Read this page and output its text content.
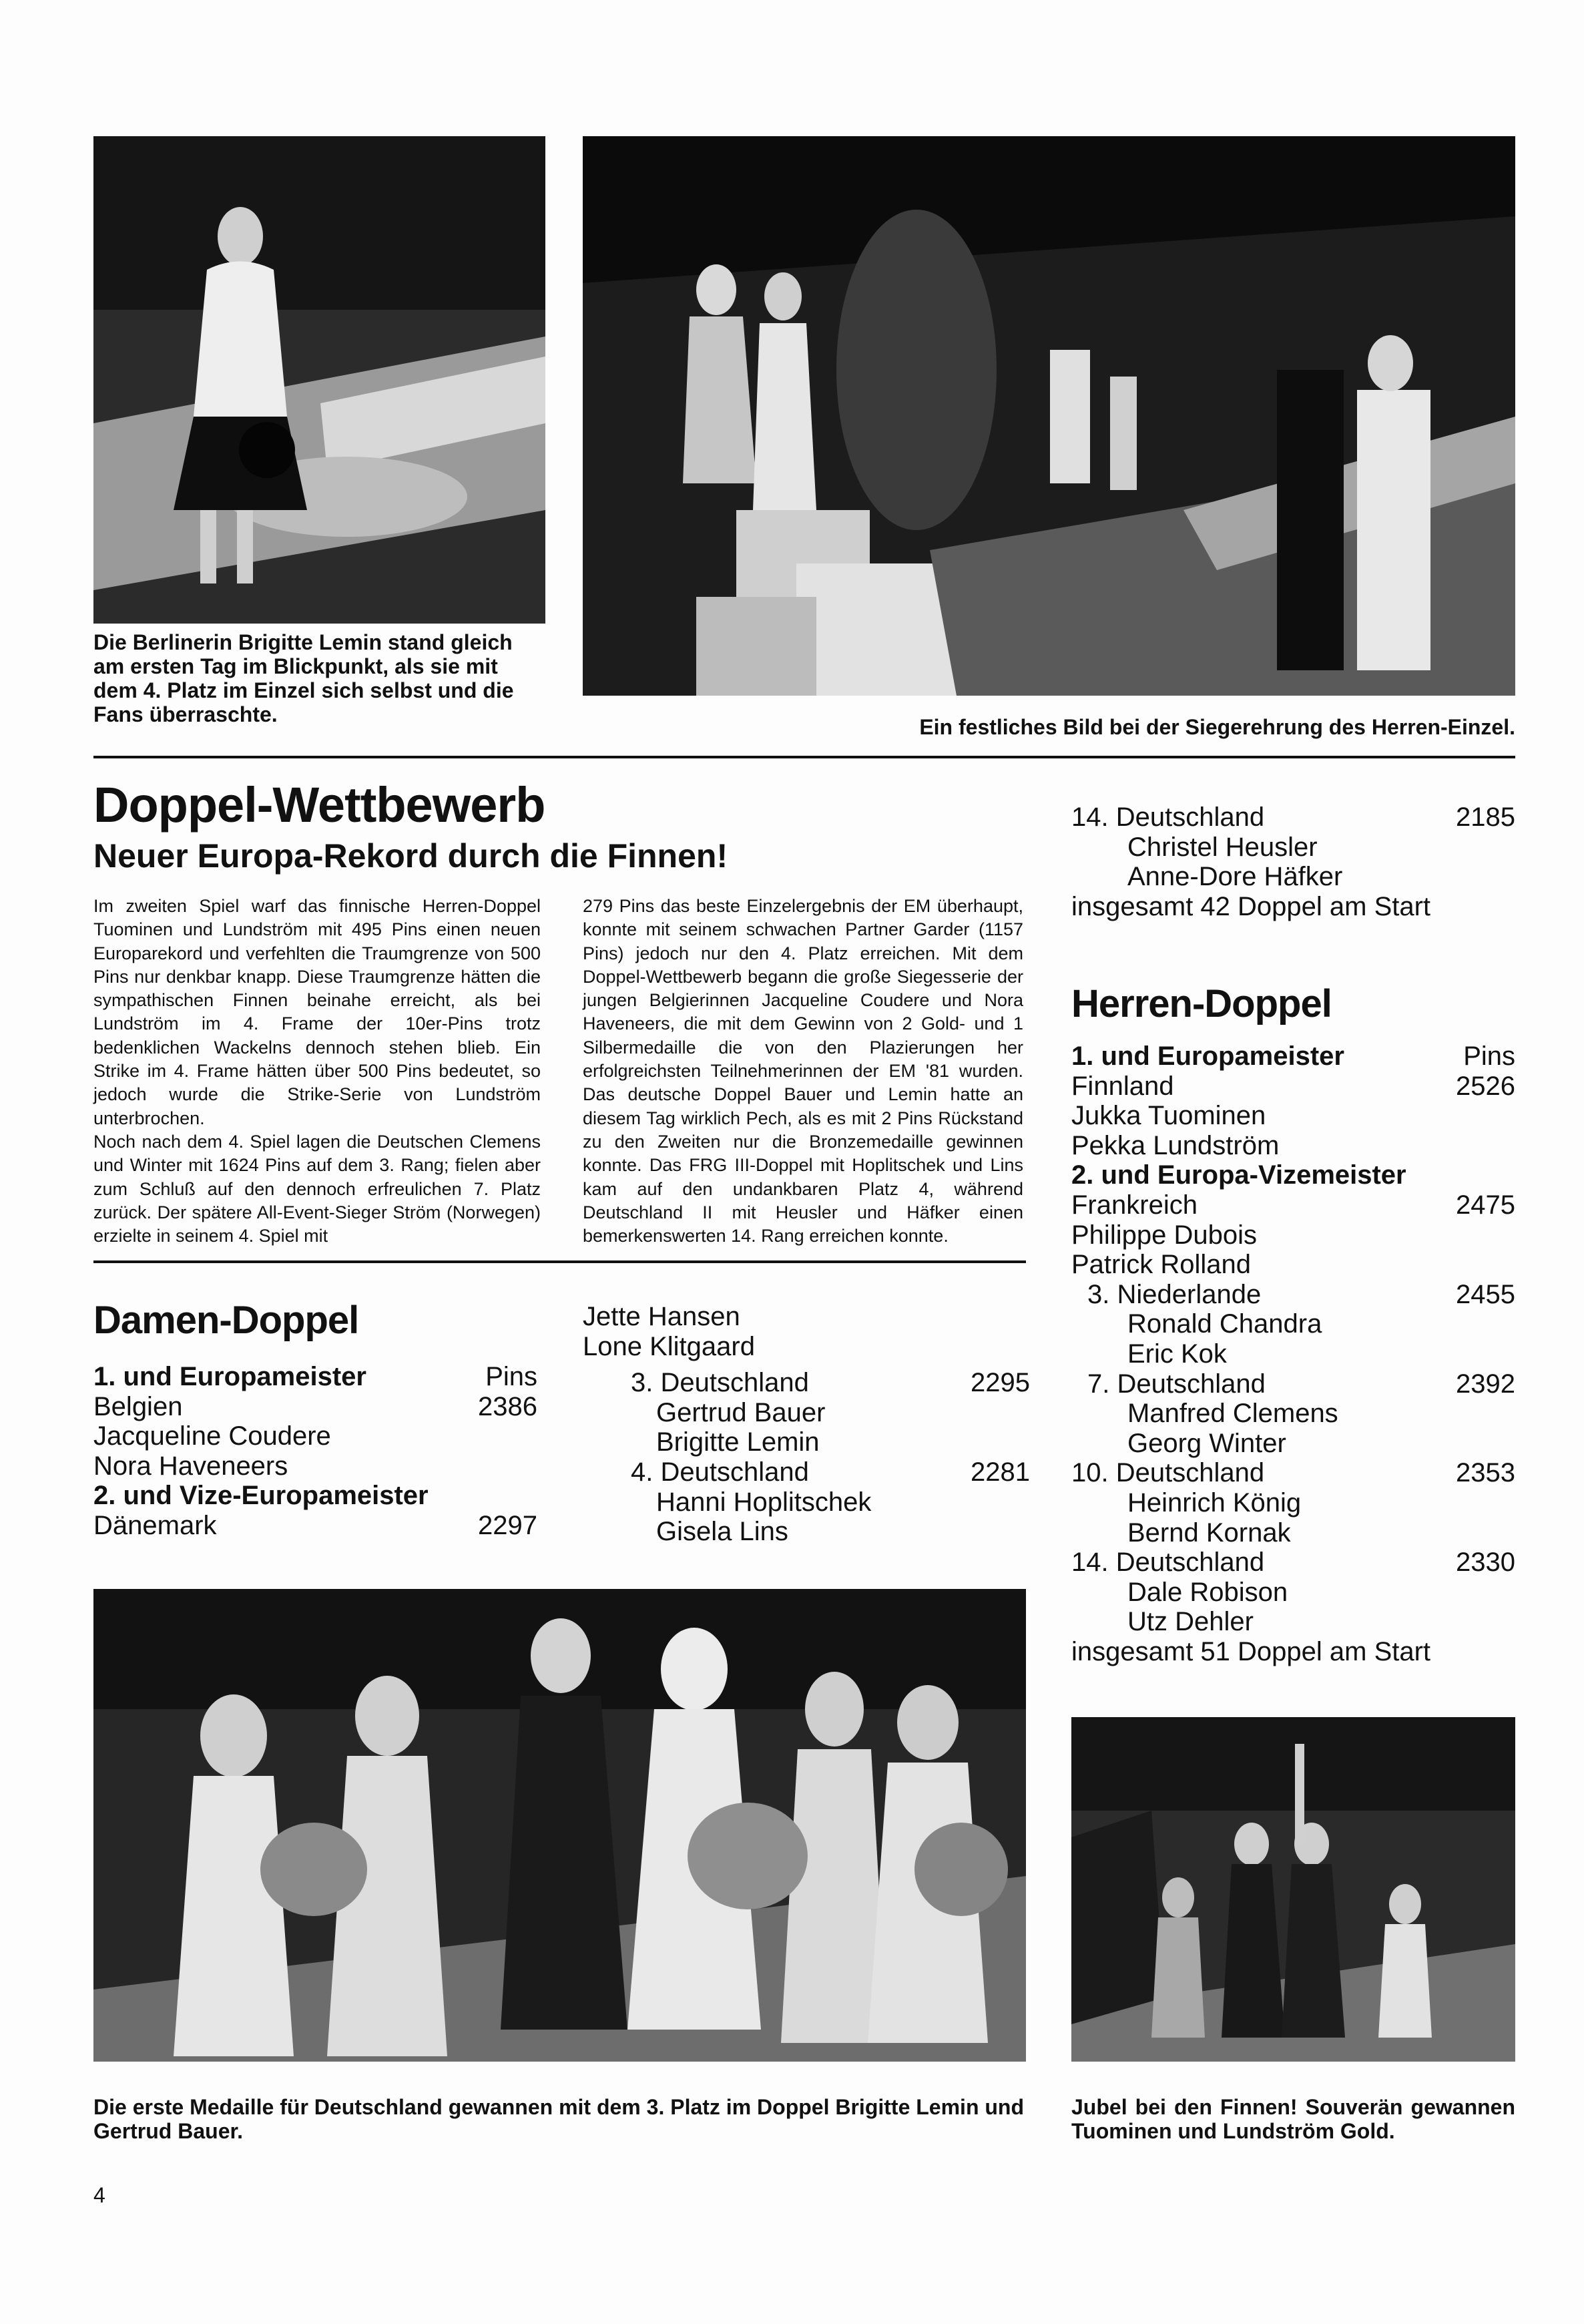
Die Berlinerin Brigitte Lemin stand gleich am ersten Tag im Blickpunkt, als sie mit dem 4. Platz im Einzel sich selbst und die Fans überraschte.
Ein festliches Bild bei der Siegerehrung des Herren-Einzel.
Doppel-Wettbewerb
Neuer Europa-Rekord durch die Finnen!

Im zweiten Spiel warf das finnische Herren-Doppel Tuominen und Lundström mit 495 Pins einen neuen Europarekord und verfehlten die Traumgrenze von 500 Pins nur denkbar knapp. Diese Traumgrenze hätten die sympathischen Finnen beinahe erreicht, als bei Lundström im 4. Frame der 10er-Pins trotz bedenklichen Wackelns dennoch stehen blieb. Ein Strike im 4. Frame hätten über 500 Pins bedeutet, so jedoch wurde die Strike-Serie von Lundström unterbrochen.

Noch nach dem 4. Spiel lagen die Deutschen Clemens und Winter mit 1624 Pins auf dem 3. Rang; fielen aber zum Schluß auf den dennoch erfreulichen 7. Platz zurück. Der spätere All-Event-Sieger Ström (Norwegen) erzielte in seinem 4. Spiel mit

279 Pins das beste Einzelergebnis der EM überhaupt, konnte mit seinem schwachen Partner Garder (1157 Pins) jedoch nur den 4. Platz erreichen. Mit dem Doppel-Wettbewerb begann die große Siegesserie der jungen Belgierinnen Jacqueline Coudere und Nora Haveneers, die mit dem Gewinn von 2 Gold- und 1 Silbermedaille die von den Plazierungen her erfolgreichsten Teilnehmerinnen der EM '81 wurden. Das deutsche Doppel Bauer und Lemin hatte an diesem Tag wirklich Pech, als es mit 2 Pins Rückstand zu den Zweiten nur die Bronzemedaille gewinnen konnte. Das FRG III-Doppel mit Hoplitschek und Lins kam auf den undankbaren Platz 4, während Deutschland II mit Heusler und Häfker einen bemerkenswerten 14. Rang erreichen konnte.

Damen-Doppel
1. und Europameister	Pins
Belgien	2386
Jacqueline Coudere
Nora Haveneers
2. und Vize-Europameister
Dänemark	2297
Jette Hansen
Lone Klitgaard
3. Deutschland	2295
Gertrud Bauer
Brigitte Lemin
4. Deutschland	2281
Hanni Hoplitschek
Gisela Lins
14. Deutschland	2185
Christel Heusler
Anne-Dore Häfker
insgesamt 42 Doppel am Start
Herren-Doppel
1. und Europameister	Pins
Finnland	2526
Jukka Tuominen
Pekka Lundström
2. und Europa-Vizemeister
Frankreich	2475
Philippe Dubois
Patrick Rolland
3. Niederlande	2455
Ronald Chandra
Eric Kok
7. Deutschland	2392
Manfred Clemens
Georg Winter
10. Deutschland	2353
Heinrich König
Bernd Kornak
14. Deutschland	2330
Dale Robison
Utz Dehler
insgesamt 51 Doppel am Start
Die erste Medaille für Deutschland gewannen mit dem 3. Platz im Doppel Brigitte Lemin und Gertrud Bauer.
Jubel bei den Finnen! Souverän gewannen Tuominen und Lundström Gold.
4
